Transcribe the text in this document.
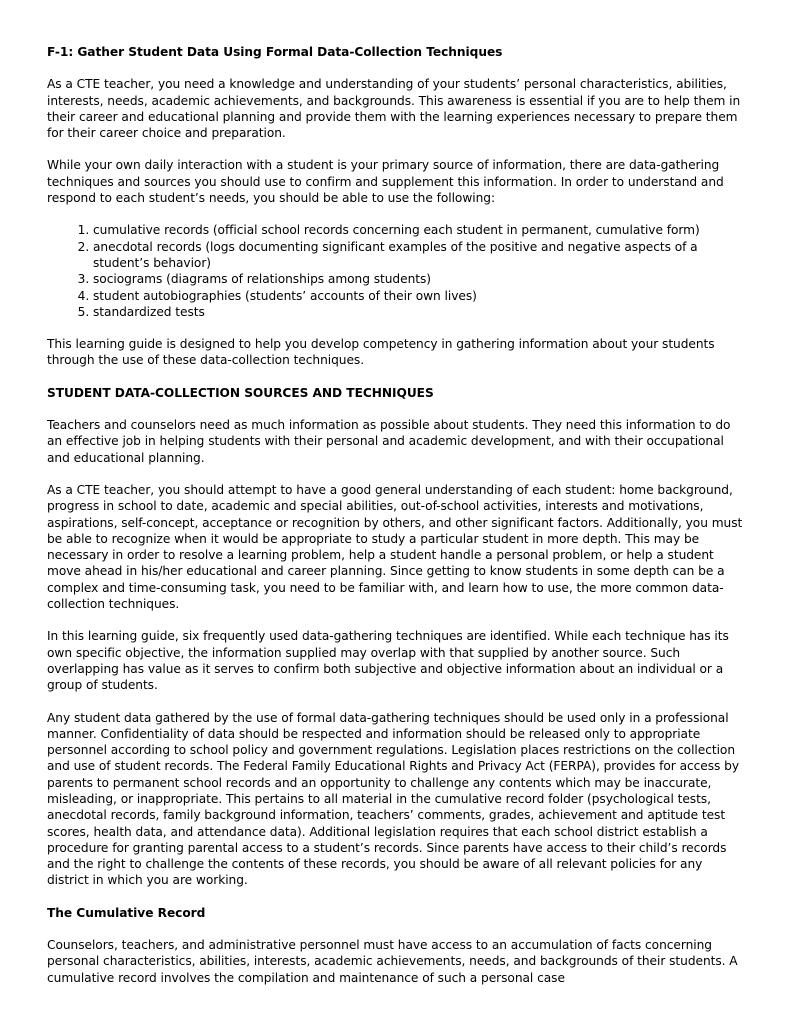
F-1: Gather Student Data Using Formal Data-Collection Techniques

As a CTE teacher, you need a knowledge and understanding of your students’ personal characteristics, abilities, interests, needs, academic achievements, and backgrounds. This awareness is essential if you are to help them in their career and educational planning and provide them with the learning experiences necessary to prepare them for their career choice and preparation.

While your own daily interaction with a student is your primary source of information, there are data-gathering techniques and sources you should use to confirm and supplement this information. In order to understand and respond to each student’s needs, you should be able to use the following:

1. cumulative records (official school records concerning each student in permanent, cumulative form)
2. anecdotal records (logs documenting significant examples of the positive and negative aspects of a student’s behavior)
3. sociograms (diagrams of relationships among students)
4. student autobiographies (students’ accounts of their own lives)
5. standardized tests

This learning guide is designed to help you develop competency in gathering information about your students through the use of these data-collection techniques.

STUDENT DATA-COLLECTION SOURCES AND TECHNIQUES

Teachers and counselors need as much information as possible about students. They need this information to do an effective job in helping students with their personal and academic development, and with their occupational and educational planning.

As a CTE teacher, you should attempt to have a good general understanding of each student: home background, progress in school to date, academic and special abilities, out-of-school activities, interests and motivations, aspirations, self-concept, acceptance or recognition by others, and other significant factors. Additionally, you must be able to recognize when it would be appropriate to study a particular student in more depth. This may be necessary in order to resolve a learning problem, help a student handle a personal problem, or help a student move ahead in his/her educational and career planning. Since getting to know students in some depth can be a complex and time-consuming task, you need to be familiar with, and learn how to use, the more common data-collection techniques.

In this learning guide, six frequently used data-gathering techniques are identified. While each technique has its own specific objective, the information supplied may overlap with that supplied by another source. Such overlapping has value as it serves to confirm both subjective and objective information about an individual or a group of students.

Any student data gathered by the use of formal data-gathering techniques should be used only in a professional manner. Confidentiality of data should be respected and information should be released only to appropriate personnel according to school policy and government regulations. Legislation places restrictions on the collection and use of student records. The Federal Family Educational Rights and Privacy Act (FERPA), provides for access by parents to permanent school records and an opportunity to challenge any contents which may be inaccurate, misleading, or inappropriate. This pertains to all material in the cumulative record folder (psychological tests, anecdotal records, family background information, teachers’ comments, grades, achievement and aptitude test scores, health data, and attendance data). Additional legislation requires that each school district establish a procedure for granting parental access to a student’s records. Since parents have access to their child’s records and the right to challenge the contents of these records, you should be aware of all relevant policies for any district in which you are working.

The Cumulative Record

Counselors, teachers, and administrative personnel must have access to an accumulation of facts concerning personal characteristics, abilities, interests, academic achievements, needs, and backgrounds of their students. A cumulative record involves the compilation and maintenance of such a personal case
